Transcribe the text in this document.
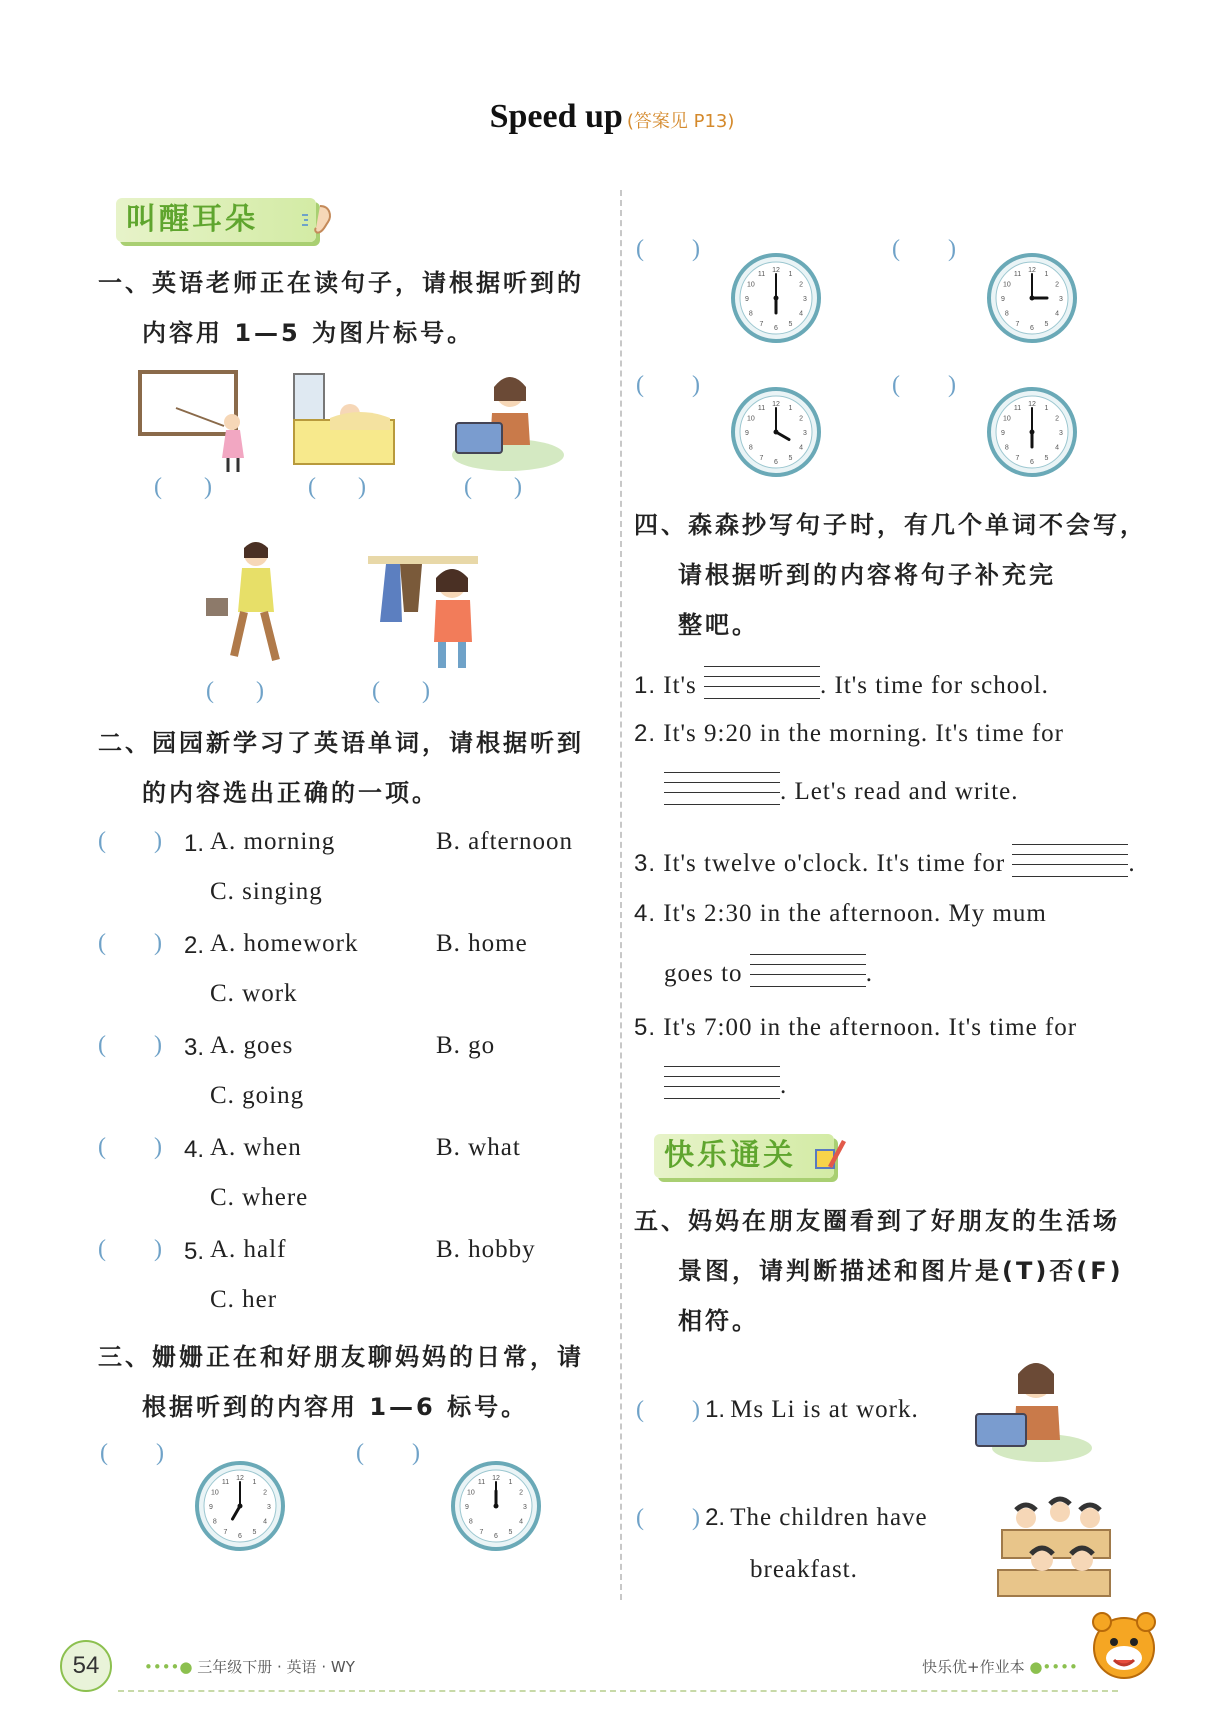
Speed up (答案见 P13)
叫醒耳朵
一、英语老师正在读句子，请根据听到的
内容用 1—5 为图片标号。
(       )	(       )	(       )
(       )	(       )
二、园园新学习了英语单词，请根据听到
的内容选出正确的一项。
(        ) 1. A. morning	B. afternoon
C. singing
(        ) 2. A. homework	B. home
C. work
(        ) 3. A. goes	B. go
C. going
(        ) 4. A. when	B. what
C. where
(        ) 5. A. half	B. hobby
C. her
三、姗姗正在和好朋友聊妈妈的日常，请
根据听到的内容用 1—6 标号。
(        )	(        )
(        )	(        )
(        )	(        )
1
2
3
4
5
6
7
8
9
10
11
12
1
2
3
4
5
6
7
8
9
10
11
12
1
2
3
4
5
6
7
8
9
10
11
12
1
2
3
4
5
6
7
8
9
10
11
12
1
2
3
4
5
6
7
8
9
10
11
12
1
2
3
4
5
6
7
8
9
10
11
12
四、森森抄写句子时，有几个单词不会写，
请根据听到的内容将句子补充完
整吧。
1. It's	. It's time for school.
2. It's 9:20 in the morning. It's time for
. Let's read and write.
3. It's twelve o'clock. It's time for	.
4. It's 2:30 in the afternoon. My mum
goes to	.
5. It's 7:00 in the afternoon. It's time for
.
快乐通关
五、妈妈在朋友圈看到了好朋友的生活场
景图，请判断描述和图片是(T)否(F)
相符。
(        ) 1. Ms Li is at work.
(        ) 2. The children have
breakfast.
54	••••● 三年级下册 · 英语 · WY	快乐优+作业本 ●••••
